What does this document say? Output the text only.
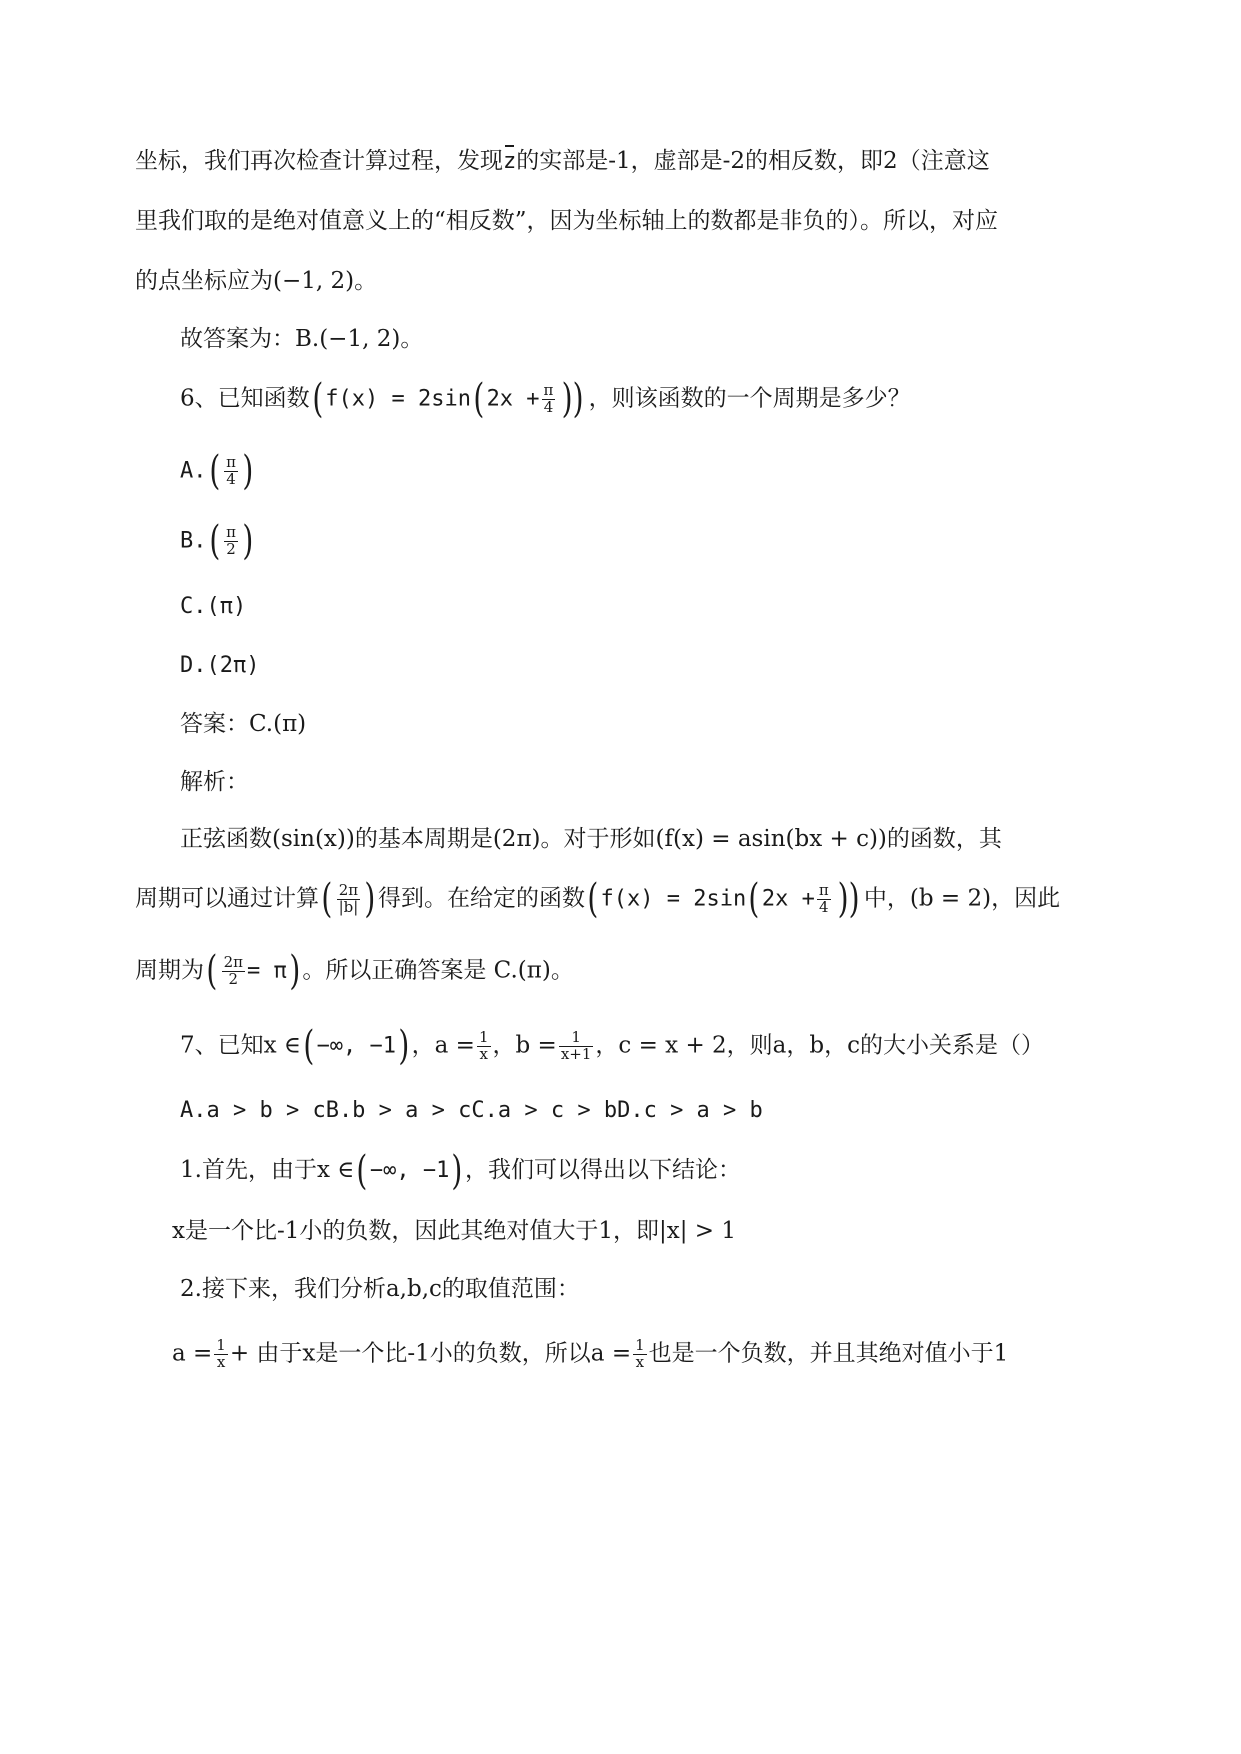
坐标，我们再次检查计算过程，发现z的实部是-1，虚部是-2的相反数，即2（注意这
里我们取的是绝对值意义上的“相反数”，因为坐标轴上的数都是非负的）。所以，对应
的点坐标应为(−1, 2)。
故答案为：B.(−1, 2)。
6、已知函数( f(x) = 2sin( $2x + \frac{\pi}{4}$ )) ，则该函数的一个周期是多少？
$A.( \frac{\pi}{4}$ )
$B.( \frac{\pi}{2}$ )
C.(π)
D.(2π)
答案：C.(π)
解析：
正弦函数(sin(x))的基本周期是(2π)。对于形如(f(x) = asin(bx + c))的函数，其
周期可以通过计算( $\frac{2\pi}{|b|}$ ) 得到。在给定的函数( f(x) = 2sin( $2x + \frac{\pi}{4}$ )) 中，(b = 2)，因此
周期为( $\frac{2\pi}{2} = \pi$) 。所以正确答案是 C.(π)。
7、已知x ∈( −∞, −1) ，$a = \frac{1}{x}$ ，$b = \frac{1}{x+1}$ ，c = x + 2，则a，b，c的大小关系是（）
A.a > b > cB.b > a > cC.a > c > bD.c > a > b
1.首先，由于x ∈( −∞, −1) ，我们可以得出以下结论：
x是一个比-1小的负数，因此其绝对值大于1，即|x| > 1
2.接下来，我们分析a,b,c的取值范围：
$a = \frac{1}{x}$ + 由于x是一个比-1小的负数，所以$a = \frac{1}{x}$ 也是一个负数，并且其绝对值小于1
